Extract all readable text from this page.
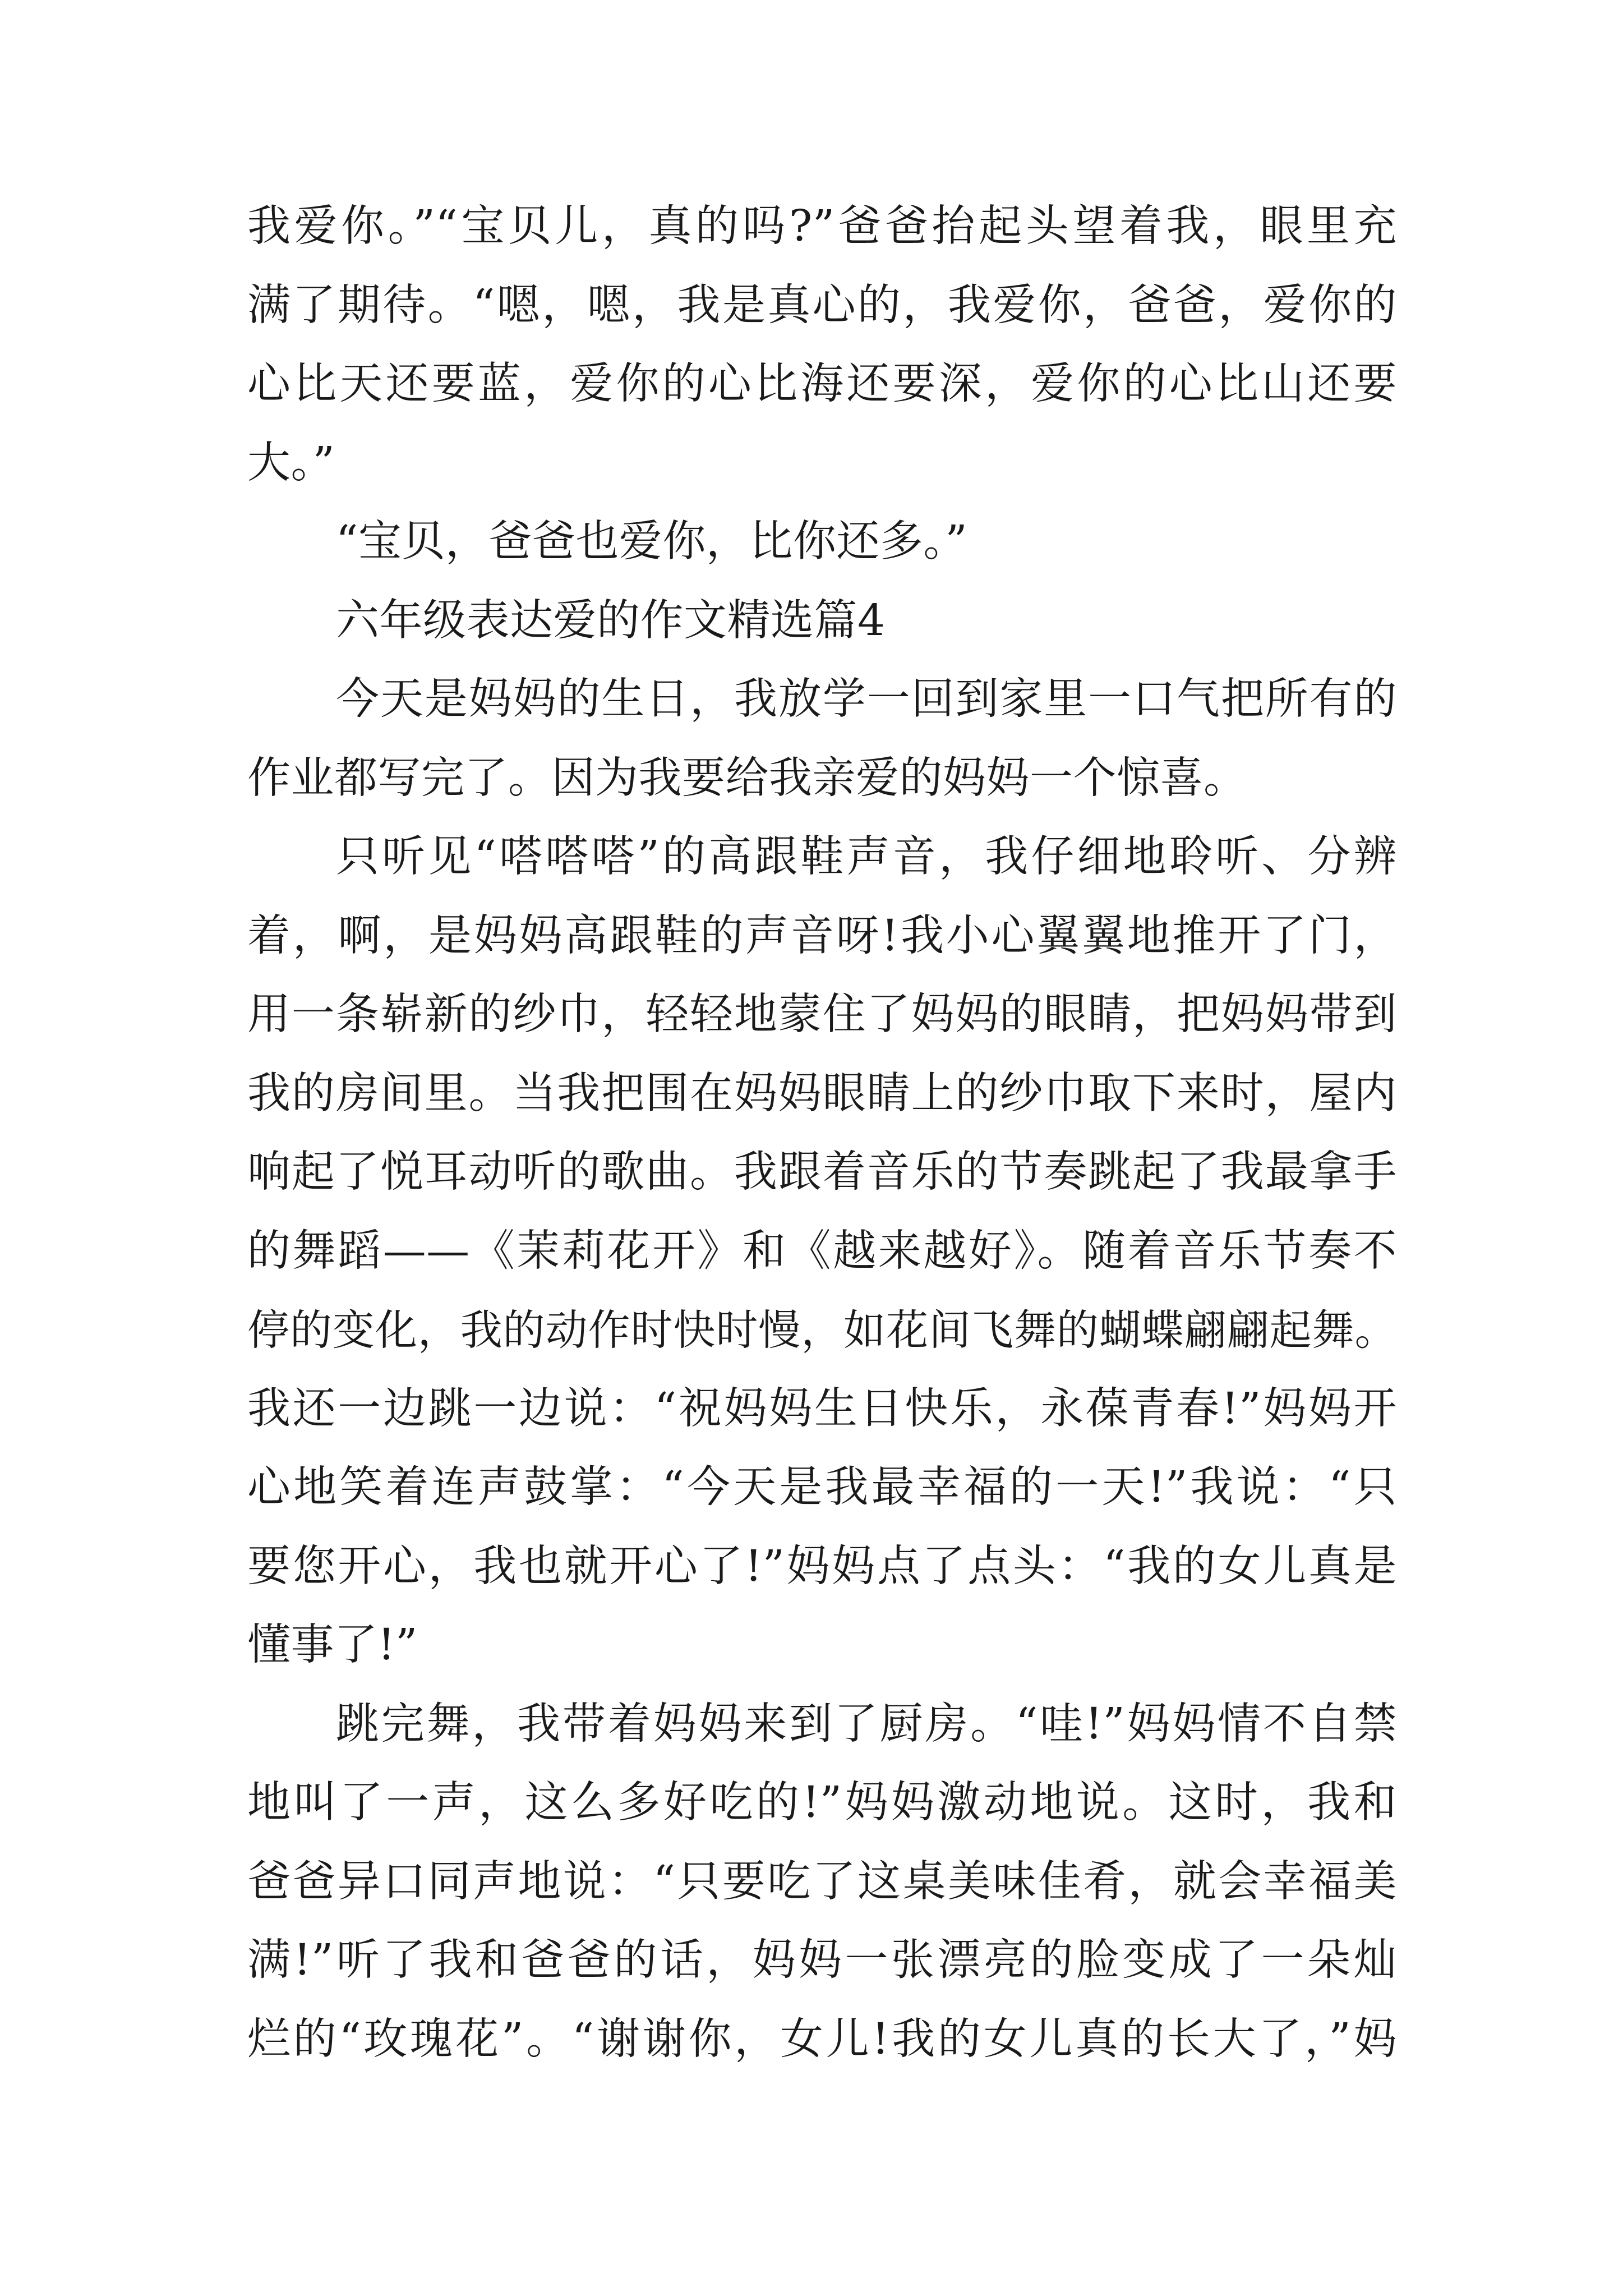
我爱你。”“宝贝儿，真的吗?”爸爸抬起头望着我，眼里充
满了期待。“嗯，嗯，我是真心的，我爱你，爸爸，爱你的
心比天还要蓝，爱你的心比海还要深，爱你的心比山还要
大。”
“宝贝，爸爸也爱你，比你还多。”
六年级表达爱的作文精选篇4
今天是妈妈的生日，我放学一回到家里一口气把所有的
作业都写完了。因为我要给我亲爱的妈妈一个惊喜。
只听见“嗒嗒嗒”的高跟鞋声音，我仔细地聆听、分辨
着，啊，是妈妈高跟鞋的声音呀!我小心翼翼地推开了门，
用一条崭新的纱巾，轻轻地蒙住了妈妈的眼睛，把妈妈带到
我的房间里。当我把围在妈妈眼睛上的纱巾取下来时，屋内
响起了悦耳动听的歌曲。我跟着音乐的节奏跳起了我最拿手
的舞蹈——《茉莉花开》和《越来越好》。随着音乐节奏不
停的变化，我的动作时快时慢，如花间飞舞的蝴蝶翩翩起舞。
我还一边跳一边说：“祝妈妈生日快乐，永葆青春!”妈妈开
心地笑着连声鼓掌：“今天是我最幸福的一天!”我说：“只
要您开心，我也就开心了!”妈妈点了点头：“我的女儿真是
懂事了!”
跳完舞，我带着妈妈来到了厨房。“哇!”妈妈情不自禁
地叫了一声，这么多好吃的!”妈妈激动地说。这时，我和
爸爸异口同声地说：“只要吃了这桌美味佳肴，就会幸福美
满!”听了我和爸爸的话，妈妈一张漂亮的脸变成了一朵灿
烂的“玫瑰花”。“谢谢你，女儿!我的女儿真的长大了，”妈
